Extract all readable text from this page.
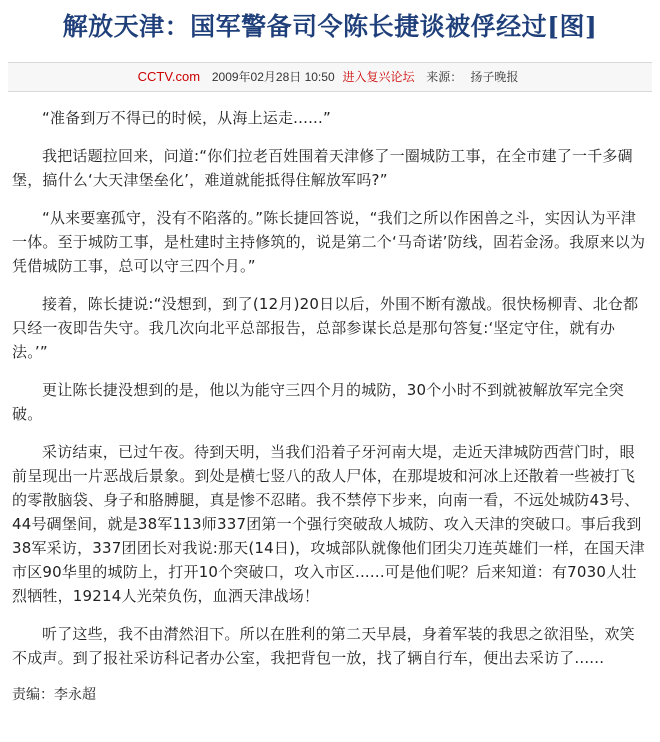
解放天津：国军警备司令陈长捷谈被俘经过[图]
CCTV.com 2009年02月28日 10:50 进入复兴论坛 来源： 扬子晚报

“准备到万不得已的时候，从海上运走......”

我把话题拉回来，问道:“你们拉老百姓围着天津修了一圈城防工事，在全市建了一千多碉堡，搞什么‘大天津堡垒化’，难道就能抵得住解放军吗?”

“从来要塞孤守，没有不陷落的。”陈长捷回答说，“我们之所以作困兽之斗，实因认为平津一体。至于城防工事，是杜建时主持修筑的，说是第二个‘马奇诺’防线，固若金汤。我原来以为凭借城防工事，总可以守三四个月。”

接着，陈长捷说:“没想到，到了(12月)20日以后，外围不断有激战。很快杨柳青、北仓都只经一夜即告失守。我几次向北平总部报告，总部参谋长总是那句答复:‘坚定守住，就有办法。’”

更让陈长捷没想到的是，他以为能守三四个月的城防，30个小时不到就被解放军完全突破。

采访结束，已过午夜。待到天明，当我们沿着子牙河南大堤，走近天津城防西营门时，眼前呈现出一片恶战后景象。到处是横七竖八的敌人尸体，在那堤坡和河冰上还散着一些被打飞的零散脑袋、身子和胳膊腿，真是惨不忍睹。我不禁停下步来，向南一看，不远处城防43号、44号碉堡间，就是38军113师337团第一个强行突破敌人城防、攻入天津的突破口。事后我到38军采访，337团团长对我说:那天(14日)，攻城部队就像他们团尖刀连英雄们一样，在国天津市区90华里的城防上，打开10个突破口，攻入市区......可是他们呢？后来知道：有7030人壮烈牺牲，19214人光荣负伤，血洒天津战场！

听了这些，我不由潸然泪下。所以在胜利的第二天早晨，身着军装的我思之欲泪坠，欢笑不成声。到了报社采访科记者办公室，我把背包一放，找了辆自行车，便出去采访了......

责编：李永超
